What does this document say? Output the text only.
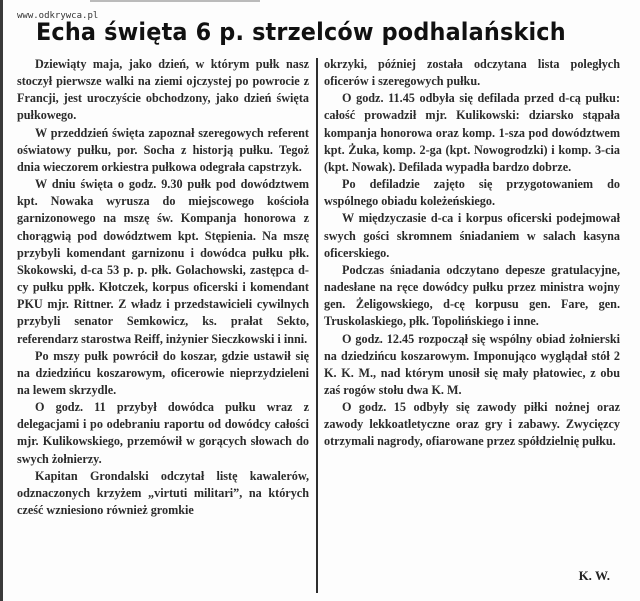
www.odkrywca.pl
Echa święta 6 p. strzelców podhalańskich

Dziewiąty maja, jako dzień, w którym pułk nasz stoczył pierwsze walki na ziemi ojczystej po powrocie z Francji, jest uroczyście obchodzony, jako dzień święta pułkowego.

W przeddzień święta zapoznał szeregowych referent oświatowy pułku, por. Socha z historją pułku. Tegoż dnia wieczorem orkiestra pułkowa odegrała capstrzyk.

W dniu święta o godz. 9.30 pułk pod dowództwem kpt. Nowaka wyrusza do miejscowego kościoła garnizonowego na mszę św. Kompanja honorowa z chorągwią pod dowództwem kpt. Stępienia. Na mszę przybyli komendant garnizonu i dowódca pułku płk. Skokowski, d-ca 53 p. p. płk. Golachowski, zastępca d-cy pułku ppłk. Kłotczek, korpus oficerski i komendant PKU mjr. Rittner. Z władz i przedstawicieli cywilnych przybyli senator Semkowicz, ks. prałat Sekto, referendarz starostwa Reiff, inżynier Sieczkowski i inni.

Po mszy pułk powrócił do koszar, gdzie ustawił się na dziedzińcu koszarowym, oficerowie nieprzydzieleni na lewem skrzydle.

O godz. 11 przybył dowódca pułku wraz z delegacjami i po odebraniu raportu od dowódcy całości mjr. Kulikowskiego, przemówił w gorących słowach do swych żołnierzy.

Kapitan Grondalski odczytał listę kawalerów, odznaczonych krzyżem „virtuti militari”, na których cześć wzniesiono również gromkie

okrzyki, później została odczytana lista poległych oficerów i szeregowych pułku.

O godz. 11.45 odbyła się defilada przed d-cą pułku: całość prowadził mjr. Kulikowski: dziarsko stąpała kompanja honorowa oraz komp. 1-sza pod dowództwem kpt. Żuka, komp. 2-ga (kpt. Nowogrodzki) i komp. 3-cia (kpt. Nowak). Defilada wypadła bardzo dobrze.

Po defiladzie zajęto się przygotowaniem do wspólnego obiadu koleżeńskiego.

W międzyczasie d-ca i korpus oficerski podejmował swych gości skromnem śniadaniem w salach kasyna oficerskiego.

Podczas śniadania odczytano depesze gratulacyjne, nadesłane na ręce dowódcy pułku przez ministra wojny gen. Żeligowskiego, d-cę korpusu gen. Fare, gen. Truskolaskiego, płk. Topolińskiego i inne.

O godz. 12.45 rozpoczął się wspólny obiad żołnierski na dziedzińcu koszarowym. Imponująco wyglądał stół 2 K. K. M., nad którym unosił się mały płatowiec, z obu zaś rogów stołu dwa K. M.

O godz. 15 odbyły się zawody piłki nożnej oraz zawody lekkoatletyczne oraz gry i zabawy. Zwycięzcy otrzymali nagrody, ofiarowane przez spółdzielnię pułku.

K. W.
